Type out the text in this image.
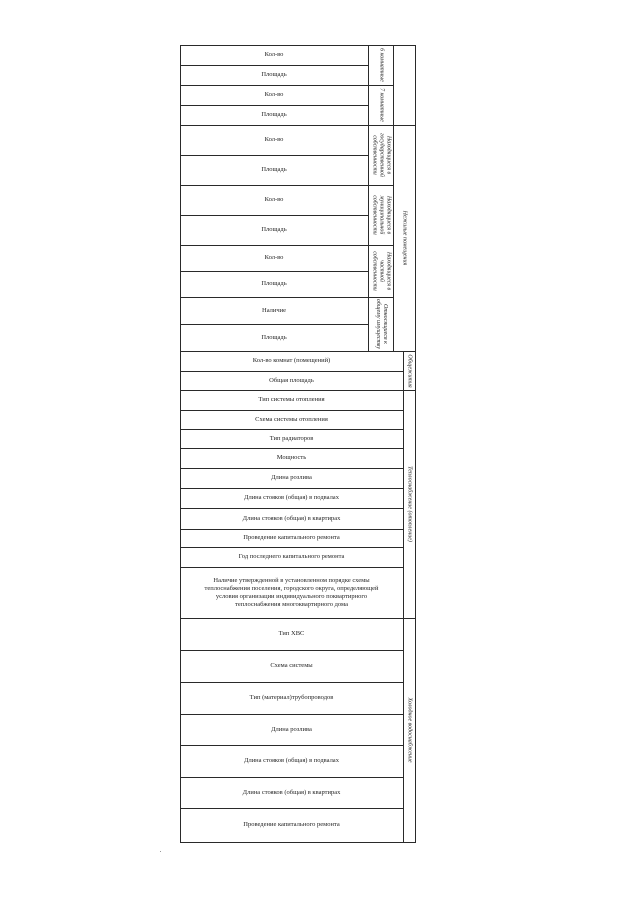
Кол-во
Площадь
Кол-во
Площадь
Кол-во
Площадь
Кол-во
Площадь
Кол-во
Площадь
Наличие
Площадь
Кол-во комнат (помещений)
Общая площадь
Тип системы отопления
Схема системы отопления
Тип радиаторов
Мощность
Длина розлива
Длина стояков (общая) в подвалах
Длина стояков (общая) в квартирах
Проведение капитального ремонта
Год последнего капитального ремонта
Наличие утвержденной в установленном порядке схемы теплоснабжения поселения, городского округа, определяющей условия организации индивидуального поквартирного теплоснабжения многоквартирного дома
Тип ХВС
Схема системы
Тип (материал)трубопроводов
Длина розлива
Длина стояков (общая) в подвалах
Длина стояков (общая) в квартирах
Проведение капитального ремонта
6 комнатные
7 комнатные
Находящиеся в государственной собственности
Находящиеся в муниципальной собственности
Находящиеся в частной собственности
Относящиеся к общему имуществу
Нежилые помещения
Общежития
Теплоснабжение (отопление)
Холодное водоснабжение
